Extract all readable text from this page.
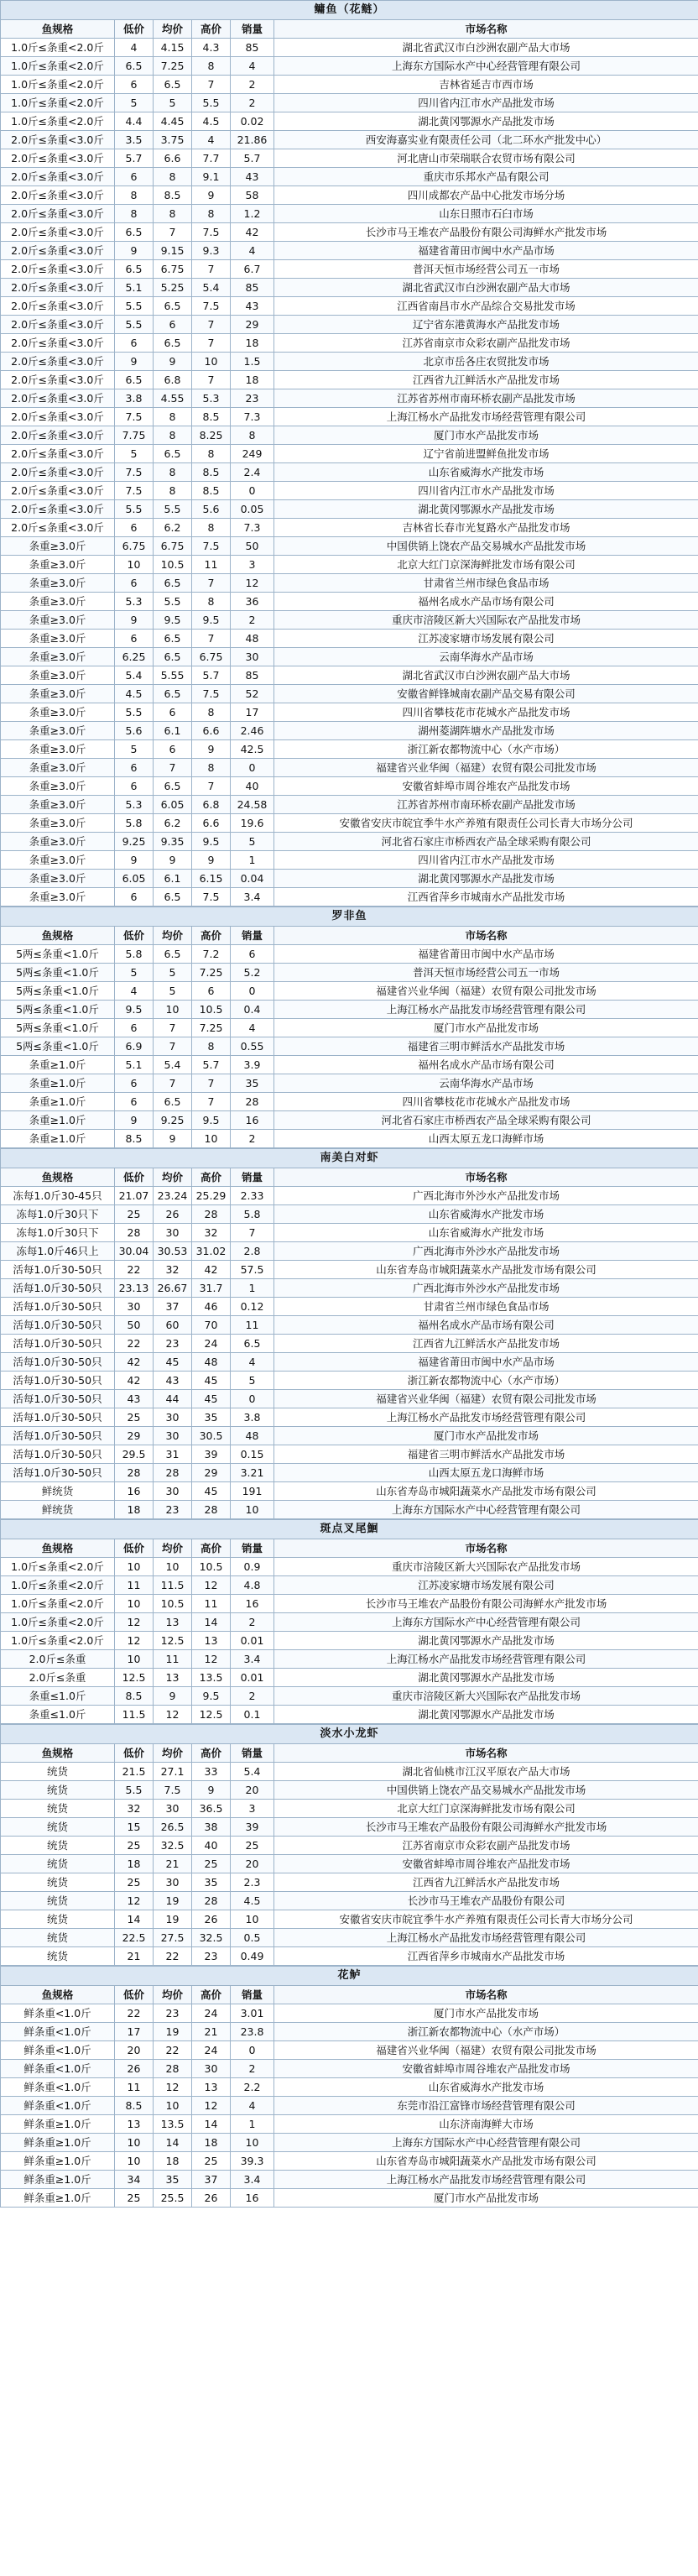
鳙鱼（花鲢）					
鱼规格	低价	均价	高价	销量	市场名称
1.0斤≤条重<2.0斤	4	4.15	4.3	85	湖北省武汉市白沙洲农副产品大市场
1.0斤≤条重<2.0斤	6.5	7.25	8	4	上海东方国际水产中心经营管理有限公司
1.0斤≤条重<2.0斤	6	6.5	7	2	吉林省延吉市西市场
1.0斤≤条重<2.0斤	5	5	5.5	2	四川省内江市水产品批发市场
1.0斤≤条重<2.0斤	4.4	4.45	4.5	0.02	湖北黄冈鄂源水产品批发市场
2.0斤≤条重<3.0斤	3.5	3.75	4	21.86	西安海嘉实业有限责任公司（北二环水产批发中心）
2.0斤≤条重<3.0斤	5.7	6.6	7.7	5.7	河北唐山市荣瑞联合农贸市场有限公司
2.0斤≤条重<3.0斤	6	8	9.1	43	重庆市乐邦水产品有限公司
2.0斤≤条重<3.0斤	8	8.5	9	58	四川成都农产品中心批发市场分场
2.0斤≤条重<3.0斤	8	8	8	1.2	山东日照市石臼市场
2.0斤≤条重<3.0斤	6.5	7	7.5	42	长沙市马王堆农产品股份有限公司海鲜水产批发市场
2.0斤≤条重<3.0斤	9	9.15	9.3	4	福建省莆田市闽中水产品市场
2.0斤≤条重<3.0斤	6.5	6.75	7	6.7	普洱天恒市场经营公司五一市场
2.0斤≤条重<3.0斤	5.1	5.25	5.4	85	湖北省武汉市白沙洲农副产品大市场
2.0斤≤条重<3.0斤	5.5	6.5	7.5	43	江西省南昌市水产品综合交易批发市场
2.0斤≤条重<3.0斤	5.5	6	7	29	辽宁省东港黄海水产品批发市场
2.0斤≤条重<3.0斤	6	6.5	7	18	江苏省南京市众彩农副产品批发市场
2.0斤≤条重<3.0斤	9	9	10	1.5	北京市岳各庄农贸批发市场
2.0斤≤条重<3.0斤	6.5	6.8	7	18	江西省九江鲜活水产品批发市场
2.0斤≤条重<3.0斤	3.8	4.55	5.3	23	江苏省苏州市南环桥农副产品批发市场
2.0斤≤条重<3.0斤	7.5	8	8.5	7.3	上海江杨水产品批发市场经营管理有限公司
2.0斤≤条重<3.0斤	7.75	8	8.25	8	厦门市水产品批发市场
2.0斤≤条重<3.0斤	5	6.5	8	249	辽宁省前进盟鲜鱼批发市场
2.0斤≤条重<3.0斤	7.5	8	8.5	2.4	山东省威海水产批发市场
2.0斤≤条重<3.0斤	7.5	8	8.5	0	四川省内江市水产品批发市场
2.0斤≤条重<3.0斤	5.5	5.5	5.6	0.05	湖北黄冈鄂源水产品批发市场
2.0斤≤条重<3.0斤	6	6.2	8	7.3	吉林省长春市光复路水产品批发市场
条重≥3.0斤	6.75	6.75	7.5	50	中国供销上饶农产品交易城水产品批发市场
条重≥3.0斤	10	10.5	11	3	北京大红门京深海鲜批发市场有限公司
条重≥3.0斤	6	6.5	7	12	甘肃省兰州市绿色食品市场
条重≥3.0斤	5.3	5.5	8	36	福州名成水产品市场有限公司
条重≥3.0斤	9	9.5	9.5	2	重庆市涪陵区新大兴国际农产品批发市场
条重≥3.0斤	6	6.5	7	48	江苏凌家塘市场发展有限公司
条重≥3.0斤	6.25	6.5	6.75	30	云南华海水产品市场
条重≥3.0斤	5.4	5.55	5.7	85	湖北省武汉市白沙洲农副产品大市场
条重≥3.0斤	4.5	6.5	7.5	52	安徽省鲜锋城南农副产品交易有限公司
条重≥3.0斤	5.5	6	8	17	四川省攀枝花市花城水产品批发市场
条重≥3.0斤	5.6	6.1	6.6	2.46	湖州菱湖阵塘水产品批发市场
条重≥3.0斤	5	6	9	42.5	浙江新农都物流中心（水产市场）
条重≥3.0斤	6	7	8	0	福建省兴业华闽（福建）农贸有限公司批发市场
条重≥3.0斤	6	6.5	7	40	安徽省蚌埠市周谷堆农产品批发市场
条重≥3.0斤	5.3	6.05	6.8	24.58	江苏省苏州市南环桥农副产品批发市场
条重≥3.0斤	5.8	6.2	6.6	19.6	安徽省安庆市皖宜季牛水产养殖有限责任公司长青大市场分公司
条重≥3.0斤	9.25	9.35	9.5	5	河北省石家庄市桥西农产品全球采购有限公司
条重≥3.0斤	9	9	9	1	四川省内江市水产品批发市场
条重≥3.0斤	6.05	6.1	6.15	0.04	湖北黄冈鄂源水产品批发市场
条重≥3.0斤	6	6.5	7.5	3.4	江西省萍乡市城南水产品批发市场
罗非鱼					
鱼规格	低价	均价	高价	销量	市场名称
5两≤条重<1.0斤	5.8	6.5	7.2	6	福建省莆田市闽中水产品市场
5两≤条重<1.0斤	5	5	7.25	5.2	普洱天恒市场经营公司五一市场
5两≤条重<1.0斤	4	5	6	0	福建省兴业华闽（福建）农贸有限公司批发市场
5两≤条重<1.0斤	9.5	10	10.5	0.4	上海江杨水产品批发市场经营管理有限公司
5两≤条重<1.0斤	6	7	7.25	4	厦门市水产品批发市场
5两≤条重<1.0斤	6.9	7	8	0.55	福建省三明市鲜活水产品批发市场
条重≥1.0斤	5.1	5.4	5.7	3.9	福州名成水产品市场有限公司
条重≥1.0斤	6	7	7	35	云南华海水产品市场
条重≥1.0斤	6	6.5	7	28	四川省攀枝花市花城水产品批发市场
条重≥1.0斤	9	9.25	9.5	16	河北省石家庄市桥西农产品全球采购有限公司
条重≥1.0斤	8.5	9	10	2	山西太原五龙口海鲜市场
南美白对虾					
鱼规格	低价	均价	高价	销量	市场名称
冻每1.0斤30-45只	21.07	23.24	25.29	2.33	广西北海市外沙水产品批发市场
冻每1.0斤30只下	25	26	28	5.8	山东省威海水产批发市场
冻每1.0斤30只下	28	30	32	7	山东省威海水产批发市场
冻每1.0斤46只上	30.04	30.53	31.02	2.8	广西北海市外沙水产品批发市场
活每1.0斤30-50只	22	32	42	57.5	山东省寿岛市城阳蔬菜水产品批发市场有限公司
活每1.0斤30-50只	23.13	26.67	31.7	1	广西北海市外沙水产品批发市场
活每1.0斤30-50只	30	37	46	0.12	甘肃省兰州市绿色食品市场
活每1.0斤30-50只	50	60	70	11	福州名成水产品市场有限公司
活每1.0斤30-50只	22	23	24	6.5	江西省九江鲜活水产品批发市场
活每1.0斤30-50只	42	45	48	4	福建省莆田市闽中水产品市场
活每1.0斤30-50只	42	43	45	5	浙江新农都物流中心（水产市场）
活每1.0斤30-50只	43	44	45	0	福建省兴业华闽（福建）农贸有限公司批发市场
活每1.0斤30-50只	25	30	35	3.8	上海江杨水产品批发市场经营管理有限公司
活每1.0斤30-50只	29	30	30.5	48	厦门市水产品批发市场
活每1.0斤30-50只	29.5	31	39	0.15	福建省三明市鲜活水产品批发市场
活每1.0斤30-50只	28	28	29	3.21	山西太原五龙口海鲜市场
鲜统货	16	30	45	191	山东省寿岛市城阳蔬菜水产品批发市场有限公司
鲜统货	18	23	28	10	上海东方国际水产中心经营管理有限公司
斑点叉尾鮰					
鱼规格	低价	均价	高价	销量	市场名称
1.0斤≤条重<2.0斤	10	10	10.5	0.9	重庆市涪陵区新大兴国际农产品批发市场
1.0斤≤条重<2.0斤	11	11.5	12	4.8	江苏凌家塘市场发展有限公司
1.0斤≤条重<2.0斤	10	10.5	11	16	长沙市马王堆农产品股份有限公司海鲜水产批发市场
1.0斤≤条重<2.0斤	12	13	14	2	上海东方国际水产中心经营管理有限公司
1.0斤≤条重<2.0斤	12	12.5	13	0.01	湖北黄冈鄂源水产品批发市场
2.0斤≤条重	10	11	12	3.4	上海江杨水产品批发市场经营管理有限公司
2.0斤≤条重	12.5	13	13.5	0.01	湖北黄冈鄂源水产品批发市场
条重≤1.0斤	8.5	9	9.5	2	重庆市涪陵区新大兴国际农产品批发市场
条重≤1.0斤	11.5	12	12.5	0.1	湖北黄冈鄂源水产品批发市场
淡水小龙虾					
鱼规格	低价	均价	高价	销量	市场名称
统货	21.5	27.1	33	5.4	湖北省仙桃市江汉平原农产品大市场
统货	5.5	7.5	9	20	中国供销上饶农产品交易城水产品批发市场
统货	32	30	36.5	3	北京大红门京深海鲜批发市场有限公司
统货	15	26.5	38	39	长沙市马王堆农产品股份有限公司海鲜水产批发市场
统货	25	32.5	40	25	江苏省南京市众彩农副产品批发市场
统货	18	21	25	20	安徽省蚌埠市周谷堆农产品批发市场
统货	25	30	35	2.3	江西省九江鲜活水产品批发市场
统货	12	19	28	4.5	长沙市马王堆农产品股份有限公司
统货	14	19	26	10	安徽省安庆市皖宜季牛水产养殖有限责任公司长青大市场分公司
统货	22.5	27.5	32.5	0.5	上海江杨水产品批发市场经营管理有限公司
统货	21	22	23	0.49	江西省萍乡市城南水产品批发市场
花鲈					
鱼规格	低价	均价	高价	销量	市场名称
鲜条重<1.0斤	22	23	24	3.01	厦门市水产品批发市场
鲜条重<1.0斤	17	19	21	23.8	浙江新农都物流中心（水产市场）
鲜条重<1.0斤	20	22	24	0	福建省兴业华闽（福建）农贸有限公司批发市场
鲜条重<1.0斤	26	28	30	2	安徽省蚌埠市周谷堆农产品批发市场
鲜条重<1.0斤	11	12	13	2.2	山东省威海水产批发市场
鲜条重<1.0斤	8.5	10	12	4	东莞市沿江富锋市场经营管理有限公司
鲜条重≥1.0斤	13	13.5	14	1	山东济南海鲜大市场
鲜条重≥1.0斤	10	14	18	10	上海东方国际水产中心经营管理有限公司
鲜条重≥1.0斤	10	18	25	39.3	山东省寿岛市城阳蔬菜水产品批发市场有限公司
鲜条重≥1.0斤	34	35	37	3.4	上海江杨水产品批发市场经营管理有限公司
鲜条重≥1.0斤	25	25.5	26	16	厦门市水产品批发市场
